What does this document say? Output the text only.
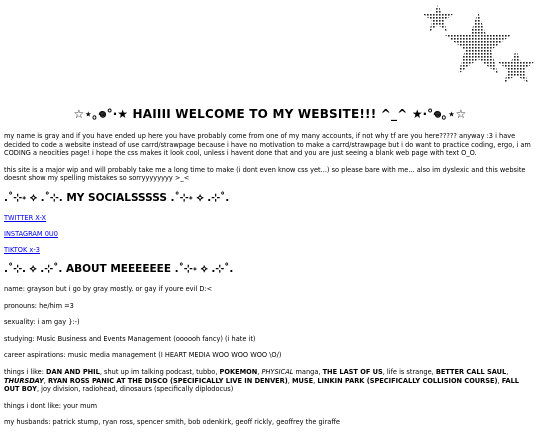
☆⋆｡𖦹°‧★ HAIIII WELCOME TO MY WEBSITE!!! ^_^ ★‧°𖦹｡⋆☆

my name is gray and if you have ended up here you have probably come from one of my many accounts, if not why tf are you here????? anyway :3 i have decided to code a website instead of use carrd/strawpage because i have no motivation to make a carrd/strawpage but i do want to practice coding, ergo, i am CODING a neocities page! i hope the css makes it look cool, unless i havent done that and you are just seeing a blank web page with text O_O.

this site is a major wip and will probably take me a long time to make (i dont even know css yet...) so please bare with me... also im dyslexic and this website doesnt show my spelling mistakes so sorryyyyyyyy >_<

.˚⊹˖ ⟡ .˚⊹. MY SOCIALSSSSS .˚⊹˖ ⟡ .⊹˚.
TWITTER X-X
INSTAGRAM 0U0
TIKTOK x-3
.˚⊹. ⟡ .⊹˚. ABOUT MEEEEEEE .˚⊹˖ ⟡ .⊹˚.

name: grayson but i go by gray mostly. or gay if youre evil D:<

pronouns: he/him =3

sexuality: i am gay }:-)

studying: Music Business and Events Management (oooooh fancy) (i hate it)

career aspirations: music media management (I HEART MEDIA WOO WOO WOO \O/)

things i like: DAN AND PHIL, shut up im talking podcast, tubbo, POKEMON, PHYSICAL manga, THE LAST OF US, life is strange, BETTER CALL SAUL, THURSDAY, RYAN ROSS PANIC AT THE DISCO (SPECIFICALLY LIVE IN DENVER), MUSE, LINKIN PARK (SPECIFICALLY COLLISION COURSE), FALL OUT BOY, joy division, radiohead, dinosaurs (specifically diplodocus)

things i dont like: your mum

my husbands: patrick stump, ryan ross, spencer smith, bob odenkirk, geoff rickly, geoffrey the giraffe
